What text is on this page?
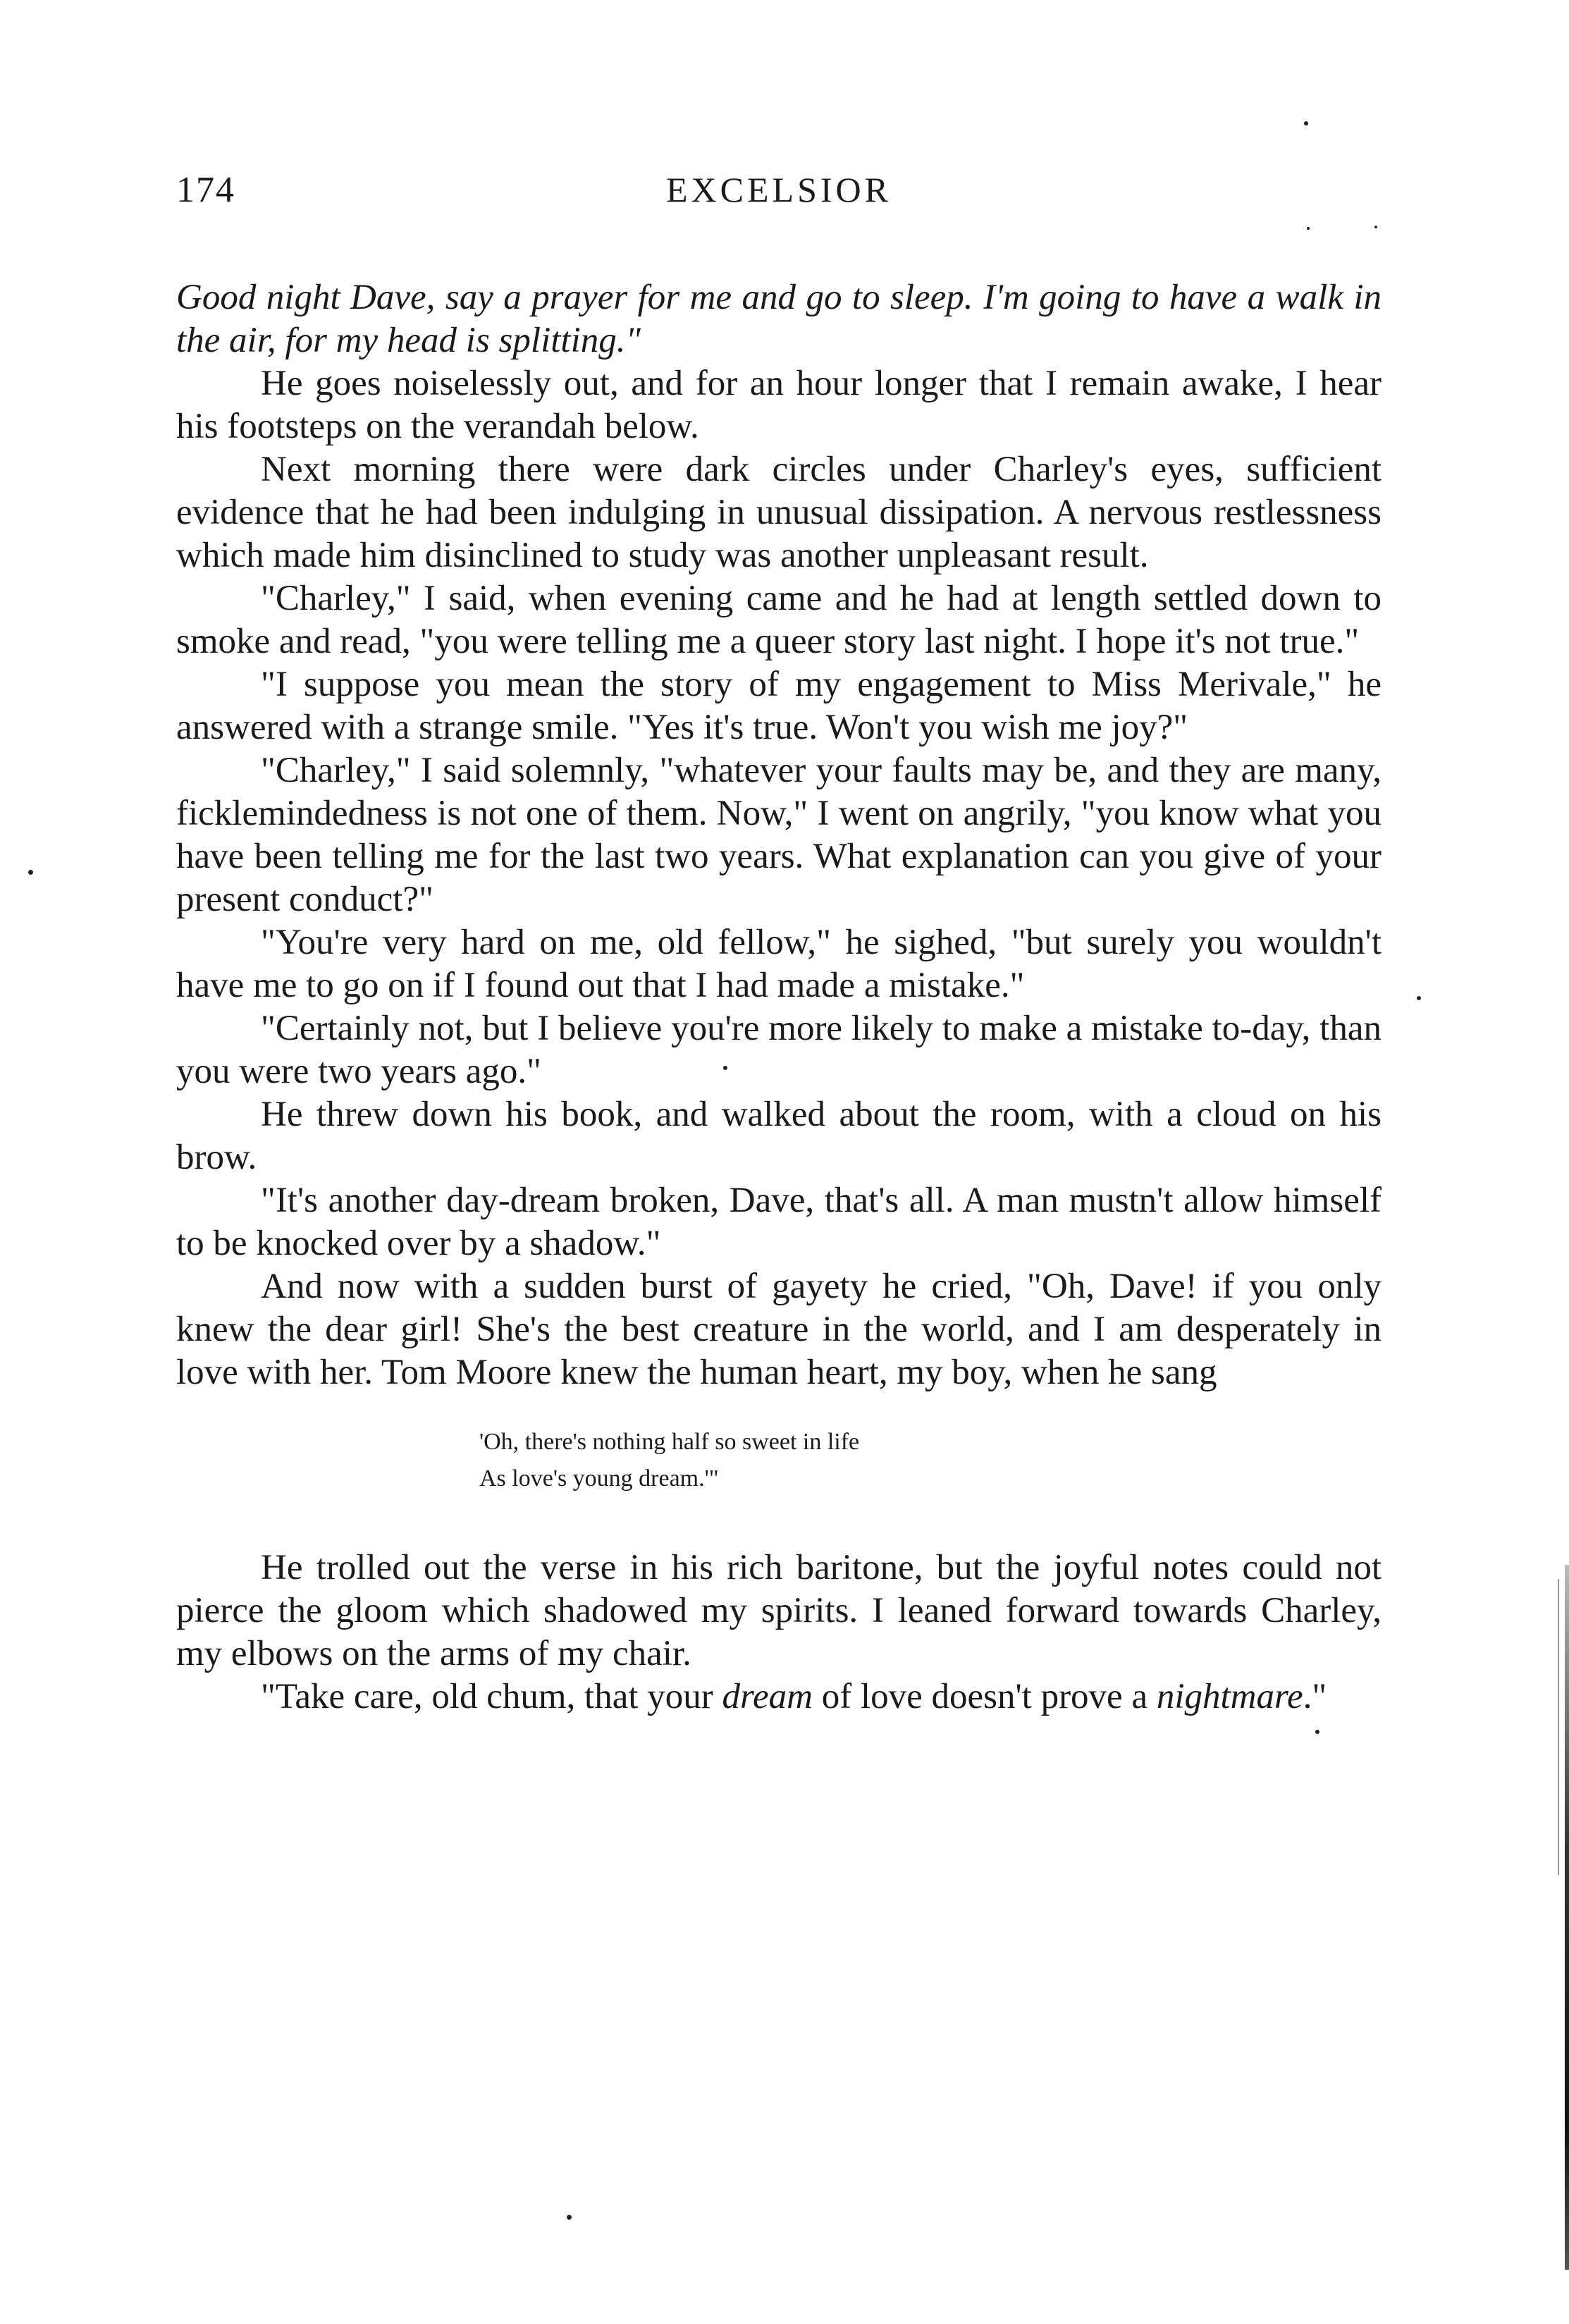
174	EXCELSIOR

Good night Dave, say a prayer for me and go to sleep. I'm going to have a walk in the air, for my head is splitting."

He goes noiselessly out, and for an hour longer that I remain awake, I hear his footsteps on the verandah below.

Next morning there were dark circles under Charley's eyes, sufficient evidence that he had been indulging in unusual dissipation. A nervous restlessness which made him disinclined to study was another unpleasant result.

"Charley," I said, when evening came and he had at length settled down to smoke and read, "you were telling me a queer story last night. I hope it's not true."

"I suppose you mean the story of my engagement to Miss Merivale," he answered with a strange smile. "Yes it's true. Won't you wish me joy?"

"Charley," I said solemnly, "whatever your faults may be, and they are many, ficklemindedness is not one of them. Now," I went on angrily, "you know what you have been telling me for the last two years. What explanation can you give of your present conduct?"

"You're very hard on me, old fellow," he sighed, "but surely you wouldn't have me to go on if I found out that I had made a mistake."

"Certainly not, but I believe you're more likely to make a mistake to-day, than you were two years ago."

He threw down his book, and walked about the room, with a cloud on his brow.

"It's another day-dream broken, Dave, that's all. A man mustn't allow himself to be knocked over by a shadow."

And now with a sudden burst of gayety he cried, "Oh, Dave! if you only knew the dear girl! She's the best creature in the world, and I am desperately in love with her. Tom Moore knew the human heart, my boy, when he sang

'Oh, there's nothing half so sweet in life
As love's young dream.'"

He trolled out the verse in his rich baritone, but the joyful notes could not pierce the gloom which shadowed my spirits. I leaned forward towards Charley, my elbows on the arms of my chair.

"Take care, old chum, that your dream of love doesn't prove a nightmare."
